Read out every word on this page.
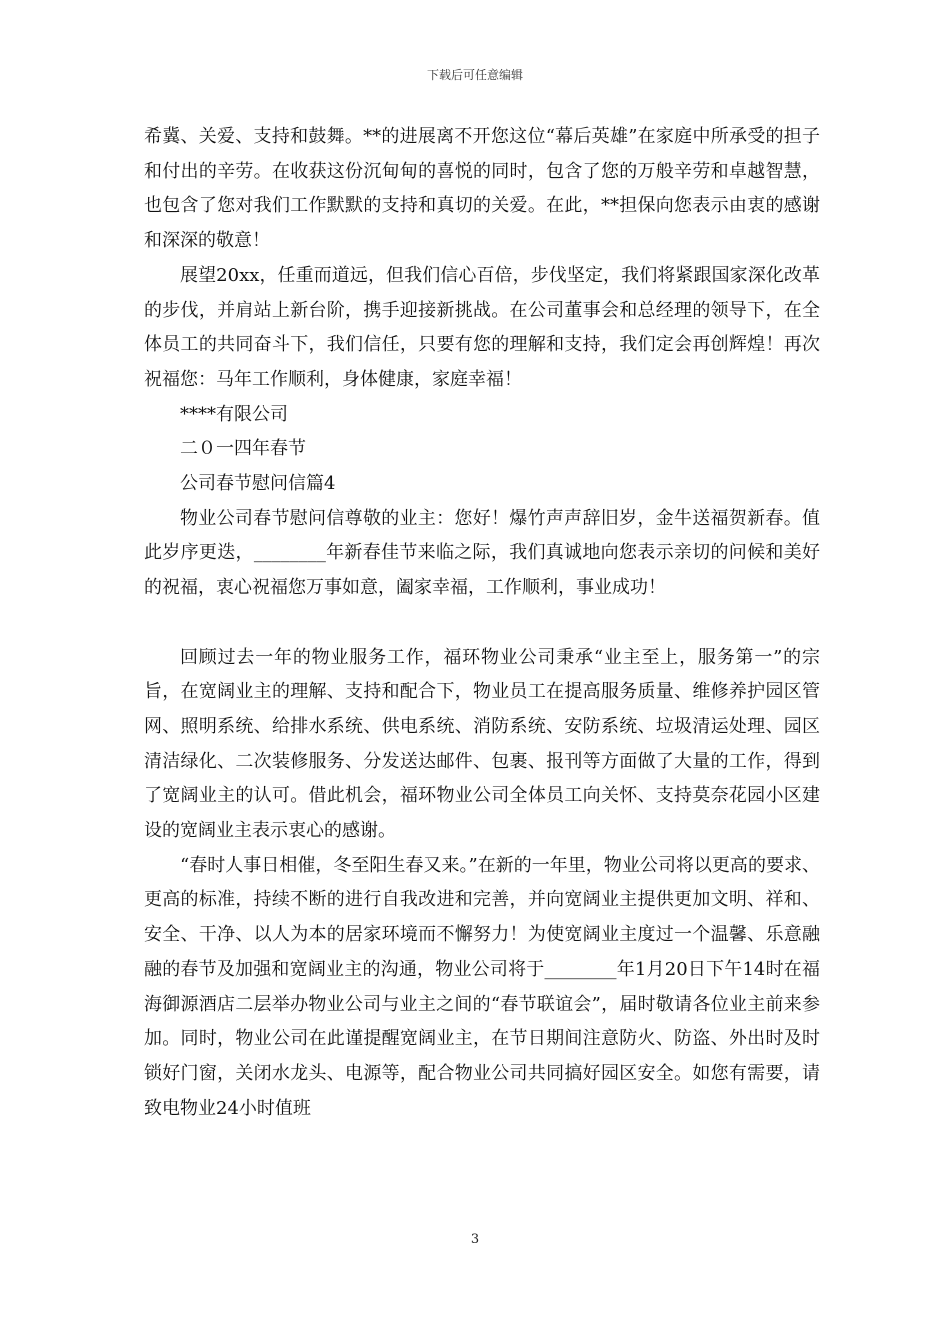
下载后可任意编辑

希冀、关爱、支持和鼓舞。**的进展离不开您这位“幕后英雄”在家庭中所承受的担子和付出的辛劳。在收获这份沉甸甸的喜悦的同时，包含了您的万般辛劳和卓越智慧，也包含了您对我们工作默默的支持和真切的关爱。在此，**担保向您表示由衷的感谢和深深的敬意！

展望20xx，任重而道远，但我们信心百倍，步伐坚定，我们将紧跟国家深化改革的步伐，并肩站上新台阶，携手迎接新挑战。在公司董事会和总经理的领导下，在全体员工的共同奋斗下，我们信任，只要有您的理解和支持，我们定会再创辉煌！再次祝福您：马年工作顺利，身体健康，家庭幸福！

****有限公司

二０一四年春节

公司春节慰问信篇4

物业公司春节慰问信尊敬的业主：您好！爆竹声声辞旧岁，金牛送福贺新春。值此岁序更迭，________年新春佳节来临之际，我们真诚地向您表示亲切的问候和美好的祝福，衷心祝福您万事如意，阖家幸福，工作顺利，事业成功！

回顾过去一年的物业服务工作，福环物业公司秉承“业主至上，服务第一”的宗旨，在宽阔业主的理解、支持和配合下，物业员工在提高服务质量、维修养护园区管网、照明系统、给排水系统、供电系统、消防系统、安防系统、垃圾清运处理、园区清洁绿化、二次装修服务、分发送达邮件、包裹、报刊等方面做了大量的工作，得到了宽阔业主的认可。借此机会，福环物业公司全体员工向关怀、支持莫奈花园小区建设的宽阔业主表示衷心的感谢。

“春时人事日相催，冬至阳生春又来。”在新的一年里，物业公司将以更高的要求、更高的标准，持续不断的进行自我改进和完善，并向宽阔业主提供更加文明、祥和、安全、干净、以人为本的居家环境而不懈努力！为使宽阔业主度过一个温馨、乐意融融的春节及加强和宽阔业主的沟通，物业公司将于________年1月20日下午14时在福海御源酒店二层举办物业公司与业主之间的“春节联谊会”，届时敬请各位业主前来参加。同时，物业公司在此谨提醒宽阔业主，在节日期间注意防火、防盗、外出时及时锁好门窗，关闭水龙头、电源等，配合物业公司共同搞好园区安全。如您有需要，请致电物业24小时值班

3
